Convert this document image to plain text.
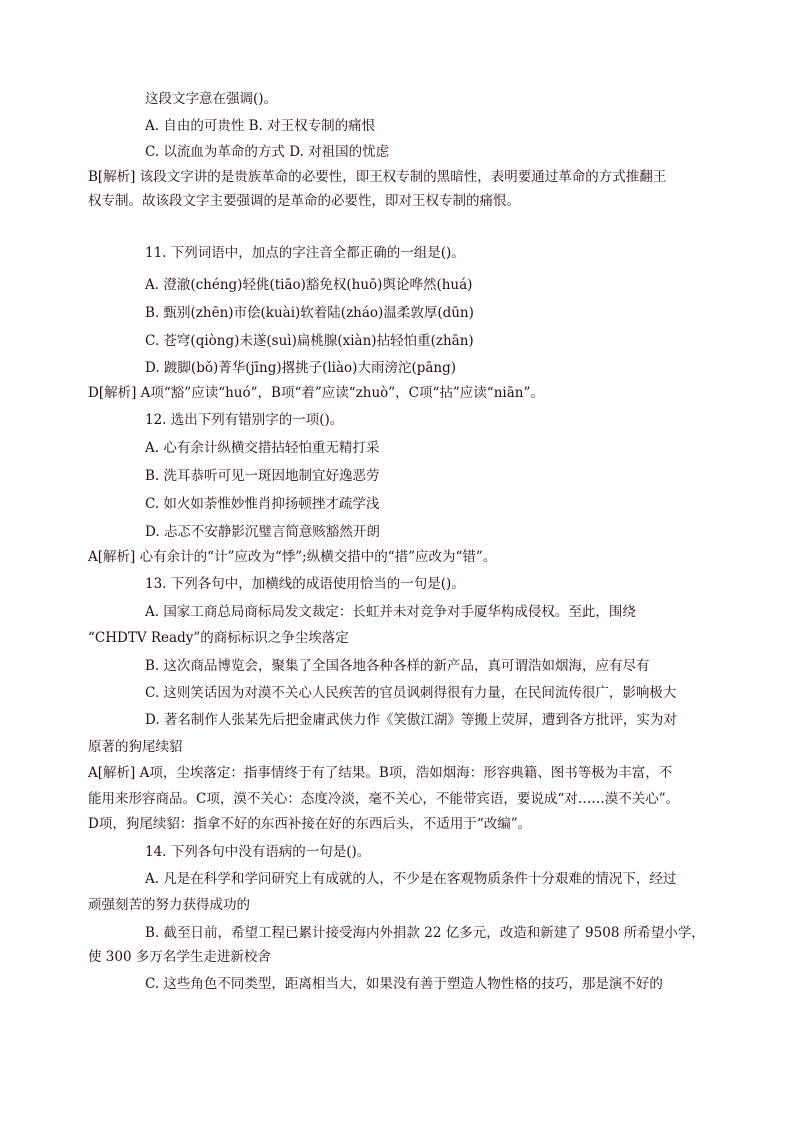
这段文字意在强调()。
A. 自由的可贵性 B. 对王权专制的痛恨
C. 以流血为革命的方式 D. 对祖国的忧虑
B[解析] 该段文字讲的是贵族革命的必要性，即王权专制的黑暗性，表明要通过革命的方式推翻王
权专制。故该段文字主要强调的是革命的必要性，即对王权专制的痛恨。
11. 下列词语中，加点的字注音全都正确的一组是()。
A. 澄澈(chéng)轻佻(tiāo)豁免权(huō)舆论哗然(huá)
B. 甄别(zhēn)市侩(kuài)软着陆(zháo)温柔敦厚(dūn)
C. 苍穹(qiòng)未遂(suì)扁桃腺(xiàn)拈轻怕重(zhān)
D. 踱脚(bǒ)菁华(jīng)撂挑子(liào)大雨滂沱(pāng)
D[解析] A项“豁”应读“huó”，B项“着”应读“zhuò”，C项“拈”应读“niān”。
12. 选出下列有错别字的一项()。
A. 心有余计纵横交措拈轻怕重无精打采
B. 洗耳恭听可见一斑因地制宜好逸恶劳
C. 如火如荼惟妙惟肖抑扬顿挫才疏学浅
D. 忐忑不安静影沉璧言简意赅豁然开朗
A[解析] 心有余计的“计”应改为“悸”;纵横交措中的“措”应改为“错”。
13. 下列各句中，加横线的成语使用恰当的一句是()。
A. 国家工商总局商标局发文裁定：长虹并未对竞争对手厦华构成侵权。至此，围绕
“CHDTV Ready”的商标标识之争尘埃落定
B. 这次商品博览会，聚集了全国各地各种各样的新产品，真可谓浩如烟海，应有尽有
C. 这则笑话因为对漠不关心人民疾苦的官员讽刺得很有力量，在民间流传很广，影响极大
D. 著名制作人张某先后把金庸武侠力作《笑傲江湖》等搬上荧屏，遭到各方批评，实为对
原著的狗尾续貂
A[解析] A项，尘埃落定：指事情终于有了结果。B项，浩如烟海：形容典籍、图书等极为丰富，不
能用来形容商品。C项，漠不关心：态度冷淡，毫不关心，不能带宾语，要说成“对……漠不关心”。
D项，狗尾续貂：指拿不好的东西补接在好的东西后头，不适用于“改编”。
14. 下列各句中没有语病的一句是()。
A. 凡是在科学和学问研究上有成就的人，不少是在客观物质条件十分艰难的情况下，经过
顽强刻苦的努力获得成功的
B. 截至日前，希望工程已累计接受海内外捐款 22 亿多元，改造和新建了 9508 所希望小学，
使 300 多万名学生走进新校舍
C. 这些角色不同类型，距离相当大，如果没有善于塑造人物性格的技巧，那是演不好的
